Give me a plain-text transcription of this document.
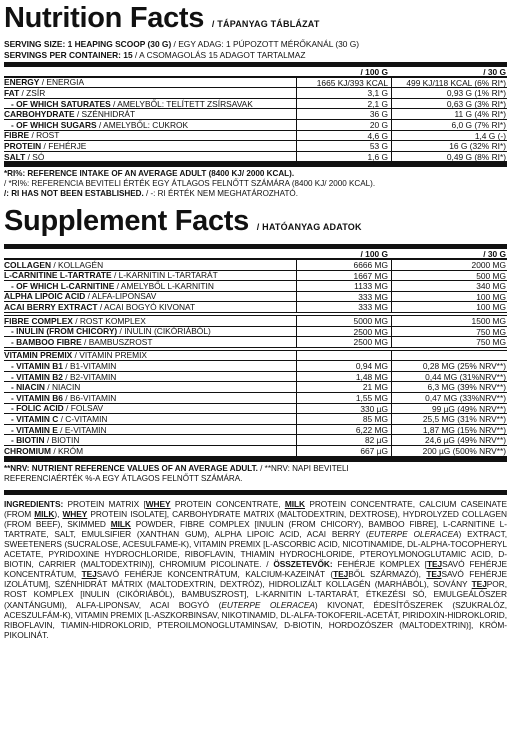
Nutrition Facts / TÁPANYAG TÁBLÁZAT
SERVING SIZE: 1 HEAPING SCOOP (30 G) / EGY ADAG: 1 PÚPOZOTT MÉRŐKANÁL (30 G)
SERVINGS PER CONTAINER: 15 / A CSOMAGOLÁS 15 ADAGOT TARTALMAZ
/ 100 G	/ 30 G
ENERGY / ENERGIA	1665 KJ/393 KCAL	499 KJ/118 KCAL (6% RI*)
FAT / ZSÍR	3,1 G	0,93 G (1% RI*)
- OF WHICH SATURATES / AMELYBŐL: TELÍTETT ZSÍRSAVAK	2,1 G	0,63 G (3% RI*)
CARBOHYDRATE / SZÉNHIDRÁT	36 G	11 G (4% RI*)
- OF WHICH SUGARS / AMELYBŐL: CUKROK	20 G	6,0 G (7% RI*)
FIBRE / ROST	4,6 G	1,4 G (-)
PROTEIN / FEHÉRJE	53 G	16 G (32% RI*)
SALT / SÓ	1,6 G	0,49 G (8% RI*)
*RI%: REFERENCE INTAKE OF AN AVERAGE ADULT (8400 KJ/ 2000 KCAL).
/ *RI%: REFERENCIA BEVITELI ÉRTÉK EGY ÁTLAGOS FELNŐTT SZÁMÁRA (8400 KJ/ 2000 KCAL).
/: RI HAS NOT BEEN ESTABLISHED. / -: RI ÉRTÉK NEM MEGHATÁROZHATÓ.
Supplement Facts / HATÓANYAG ADATOK
/ 100 G	/ 30 G
COLLAGEN / KOLLAGÉN	6666 MG	2000 MG
L-CARNITINE L-TARTRATE / L-KARNITIN L-TARTARÁT	1667 MG	500 MG
- OF WHICH L-CARNITINE / AMELYBŐL L-KARNITIN	1133 MG	340 MG
ALPHA LIPOIC ACID / ALFA-LIPONSAV	333 MG	100 MG
ACAI BERRY EXTRACT / ACAI BOGYÓ KIVONAT	333 MG	100 MG
FIBRE COMPLEX / ROST KOMPLEX	5000 MG	1500 MG
- INULIN (FROM CHICORY) / INULIN (CIKÓRIÁBÓL)	2500 MG	750 MG
- BAMBOO FIBRE / BAMBUSZROST	2500 MG	750 MG
VITAMIN PREMIX / VITAMIN PREMIX
- VITAMIN B1 / B1-VITAMIN	0,94 MG	0,28 MG (25% NRV**)
- VITAMIN B2 / B2-VITAMIN	1,48 MG	0,44 MG (31%NRV**)
- NIACIN / NIACIN	21 MG	6,3 MG (39% NRV**)
- VITAMIN B6 / B6-VITAMIN	1,55 MG	0,47 MG (33%NRV**)
- FOLIC ACID / FOLSAV	330 µG	99 µG (49% NRV**)
- VITAMIN C / C-VITAMIN	85 MG	25,5 MG (31% NRV**)
- VITAMIN E / E-VITAMIN	6,22 MG	1,87 MG (15% NRV**)
- BIOTIN / BIOTIN	82 µG	24,6 µG (49% NRV**)
CHROMIUM / KRÓM	667 µG	200 µG (500% NRV**)
**NRV: NUTRIENT REFERENCE VALUES OF AN AVERAGE ADULT. / **NRV: NAPI BEVITELI
REFERENCIAÉRTÉK %-A EGY ÁTLAGOS FELNŐTT SZÁMÁRA.
INGREDIENTS: PROTEIN MATRIX [WHEY PROTEIN CONCENTRATE, MILK PROTEIN CONCENTRATE, CALCIUM CASEINATE (FROM MILK), WHEY PROTEIN ISOLATE], CARBOHYDRATE MATRIX (MALTODEXTRIN, DEXTROSE), HYDROLYZED COLLAGEN (FROM BEEF), SKIMMED MILK POWDER, FIBRE COMPLEX [INULIN (FROM CHICORY), BAMBOO FIBRE], L-CARNITINE L-TARTRATE, SALT, EMULSIFIER (XANTHAN GUM), ALPHA LIPOIC ACID, ACAI BERRY (EUTERPE OLERACEA) EXTRACT, SWEETENERS (SUCRALOSE, ACESULFAME-K), VITAMIN PREMIX [L-ASCORBIC ACID, NICOTINAMIDE, DL-ALPHA-TOCOPHERYL ACETATE, PYRIDOXINE HYDROCHLORIDE, RIBOFLAVIN, THIAMIN HYDROCHLORIDE, PTEROYLMONOGLUTAMIC ACID, D-BIOTIN, CARRIER (MALTODEXTRIN)], CHROMIUM PICOLINATE. / ÖSSZETEVŐK: FEHÉRJE KOMPLEX [TEJSAVÓ FEHÉRJE KONCENTRÁTUM, TEJSAVÓ FEHÉRJE KONCENTRÁTUM, KALCIUM-KAZEINÁT (TEJBŐL SZÁRMAZÓ), TEJSAVÓ FEHÉRJE IZOLÁTUM], SZÉNHIDRÁT MÁTRIX (MALTODEXTRIN, DEXTRÓZ), HIDROLIZÁLT KOLLAGÉN (MARHÁBÓL), SOVÁNY TEJPOR, ROST KOMPLEX [INULIN (CIKÓRIÁBÓL), BAMBUSZROST], L-KARNITIN L-TARTARÁT, ÉTKEZÉSI SÓ, EMULGEÁLÓSZER (XANTÁNGUMI), ALFA-LIPONSAV, ACAI BOGYÓ (EUTERPE OLERACEA) KIVONAT, ÉDESÍTŐSZEREK (SZUKRALÓZ, ACESZULFÁM-K), VITAMIN PREMIX [L-ASZKORBINSAV, NIKOTINAMID, DL-ALFA-TOKOFERIL-ACETÁT, PIRIDOXIN-HIDROKLORID, RIBOFLAVIN, TIAMIN-HIDROKLORID, PTEROILMONOGLUTAMINSAV, D-BIOTIN, HORDOZÓSZER (MALTODEXTRIN)], KRÓM-PIKOLINÁT.
